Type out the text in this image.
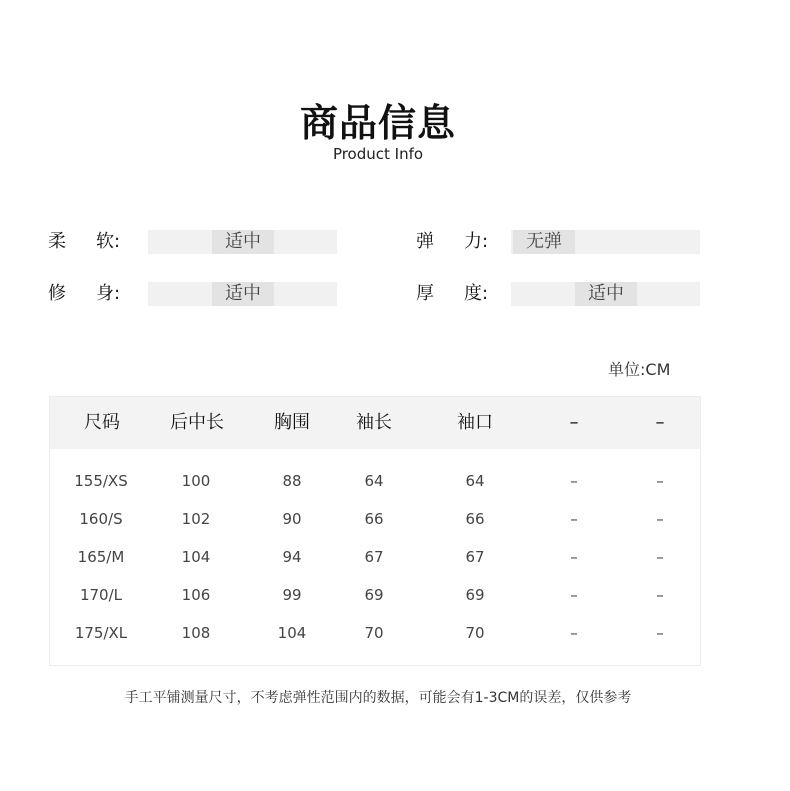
商品信息
Product Info
柔 软:	适中	弹 力:	无弹
修 身:	适中	厚 度:	适中
单位:CM
尺码	后中长	胸围	袖长	袖口	–	–
155/XS	100	88	64	64	–	–
160/S	102	90	66	66	–	–
165/M	104	94	67	67	–	–
170/L	106	99	69	69	–	–
175/XL	108	104	70	70	–	–
手工平铺测量尺寸，不考虑弹性范围内的数据，可能会有1-3CM的误差，仅供参考
